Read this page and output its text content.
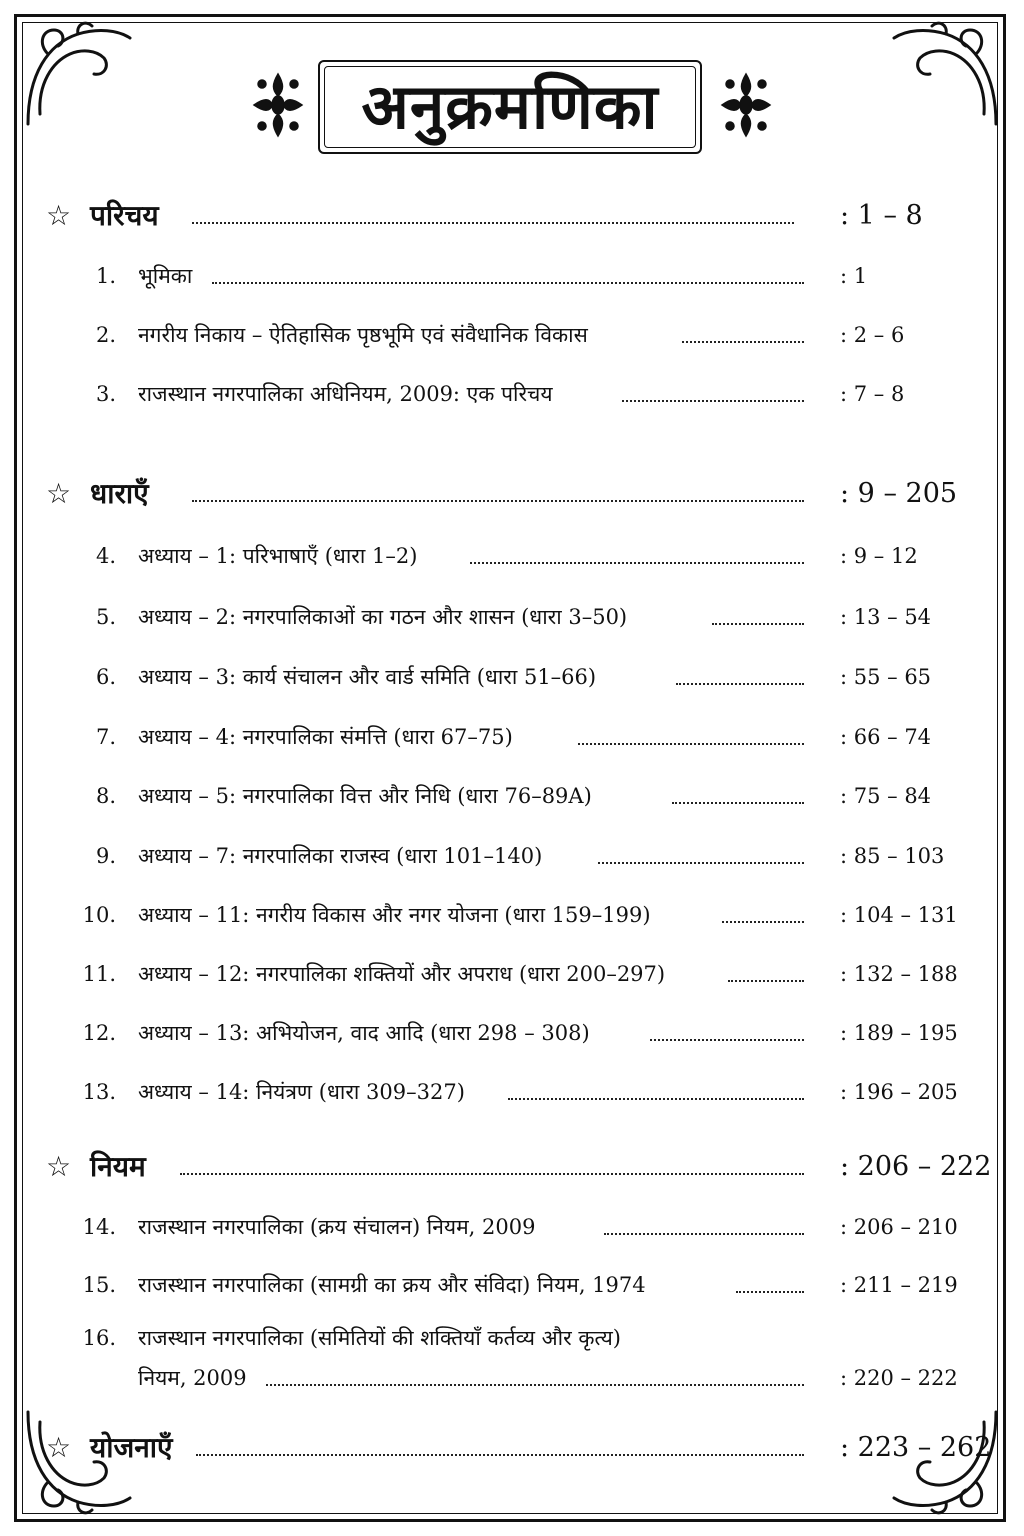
अनुक्रमणिका
☆ परिचय	: 1 – 8
1. भूमिका	: 1
2. नगरीय निकाय – ऐतिहासिक पृष्ठभूमि एवं संवैधानिक विकास	: 2 – 6
3. राजस्थान नगरपालिका अधिनियम, 2009: एक परिचय	: 7 – 8
☆ धाराएँ	: 9 – 205
4. अध्याय – 1: परिभाषाएँ (धारा 1–2)	: 9 – 12
5. अध्याय – 2: नगरपालिकाओं का गठन और शासन (धारा 3–50)	: 13 – 54
6. अध्याय – 3: कार्य संचालन और वार्ड समिति (धारा 51–66)	: 55 – 65
7. अध्याय – 4: नगरपालिका संमत्ति (धारा 67–75)	: 66 – 74
8. अध्याय – 5: नगरपालिका वित्त और निधि (धारा 76–89A)	: 75 – 84
9. अध्याय – 7: नगरपालिका राजस्व (धारा 101–140)	: 85 – 103
10. अध्याय – 11: नगरीय विकास और नगर योजना (धारा 159–199)	: 104 – 131
11. अध्याय – 12: नगरपालिका शक्तियों और अपराध (धारा 200–297)	: 132 – 188
12. अध्याय – 13: अभियोजन, वाद आदि (धारा 298 – 308)	: 189 – 195
13. अध्याय – 14: नियंत्रण (धारा 309–327)	: 196 – 205
☆ नियम	: 206 – 222
14. राजस्थान नगरपालिका (क्रय संचालन) नियम, 2009	: 206 – 210
15. राजस्थान नगरपालिका (सामग्री का क्रय और संविदा) नियम, 1974	: 211 – 219
16. राजस्थान नगरपालिका (समितियों की शक्तियाँ कर्तव्य और कृत्य)
नियम, 2009	: 220 – 222
☆ योजनाएँ	: 223 – 262
